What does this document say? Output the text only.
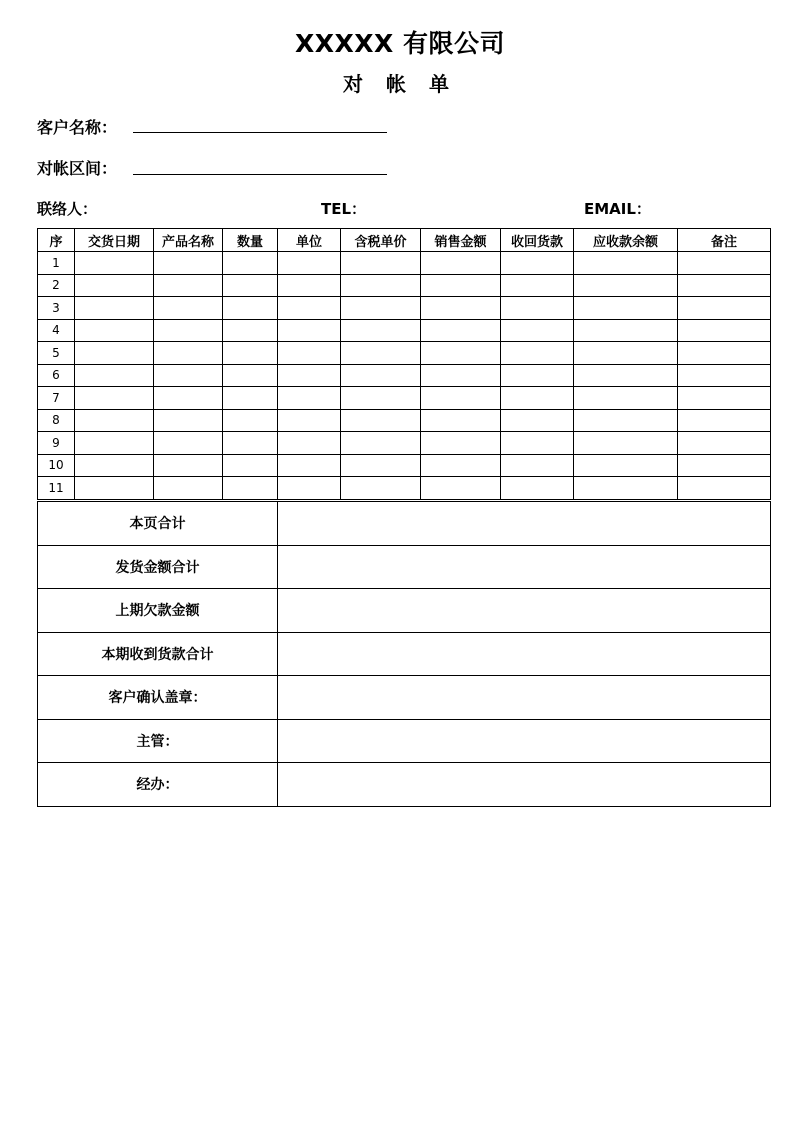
XXXXX 有限公司
对 帐 单
客户名称：
对帐区间：
联络人：	TEL：	EMAIL：
序	交货日期	产品名称	数量	单位	含税单价	销售金额	收回货款	应收款余额	备注
1									
2									
3									
4									
5									
6									
7									
8									
9									
10									
11									
本页合计	
发货金额合计	
上期欠款金额	
本期收到货款合计	
客户确认盖章：	
主管：	
经办：	
